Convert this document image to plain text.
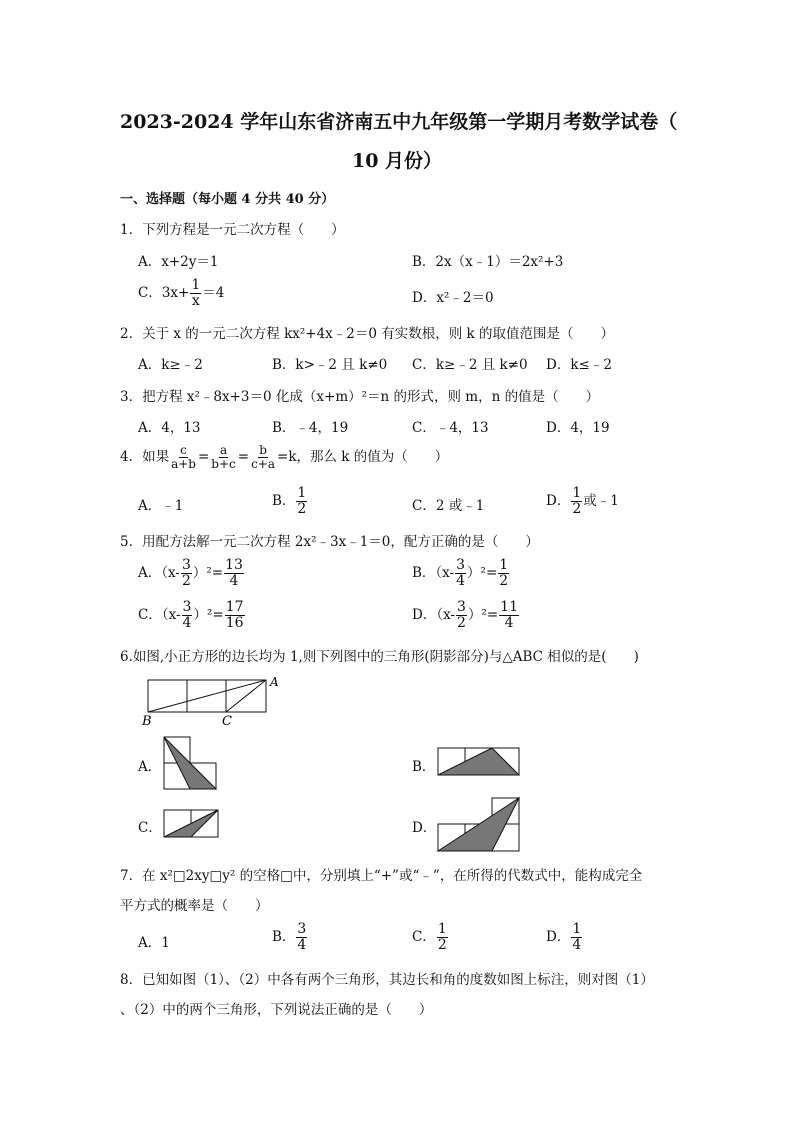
2023-2024 学年山东省济南五中九年级第一学期月考数学试卷（
10 月份）
一、选择题（每小题 4 分共 40 分）
1．下列方程是一元二次方程（　　）
A．x+2y＝1	B．2x（x﹣1）＝2x²+3
C．$3x+ \frac{1}{x} =4$	D．x²﹣2＝0
2．关于 x 的一元二次方程 kx²+4x﹣2＝0 有实数根，则 k 的取值范围是（　　）
A．k≥﹣2	B．k>﹣2 且 k≠0 C．k≥﹣2 且 k≠0 D．k≤﹣2
3．把方程 x²﹣8x+3＝0 化成（x+m）²＝n 的形式，则 m，n 的值是（　　）
A．4，13	B．﹣4，19	C．﹣4，13	D．4，19
4．如果 $\frac{c}{a+b} = \frac{a}{b+c} = \frac{b}{c+a} =k$，那么 k 的值为（　　）
A．﹣1	B． $\frac{1}{2}$	C．2 或﹣1	D． $\frac{1}{2}$ 或﹣1
5．用配方法解一元二次方程 2x²﹣3x﹣1＝0，配方正确的是（　　）
A．$(x- \frac{3}{2} )^2= \frac{13}{4}$	B．$(x- \frac{3}{4} )^2= \frac{1}{2}$
C．$(x- \frac{3}{4} )^2= \frac{17}{16}$	D．$(x- \frac{3}{2} )^2= \frac{11}{4}$
6.如图,小正方形的边长均为 1,则下列图中的三角形(阴影部分)与△ABC 相似的是(　　)
A
B	C
A．	B．
C．	D．
7．在 x²□2xy□y² 的空格□中，分别填上“+”或“﹣”，在所得的代数式中，能构成完全
平方式的概率是（　　）
A．1	B． $\frac{3}{4}$	C． $\frac{1}{2}$	D． $\frac{1}{4}$
8．已知如图（1）、（2）中各有两个三角形，其边长和角的度数如图上标注，则对图（1）
、（2）中的两个三角形，下列说法正确的是（　　）
